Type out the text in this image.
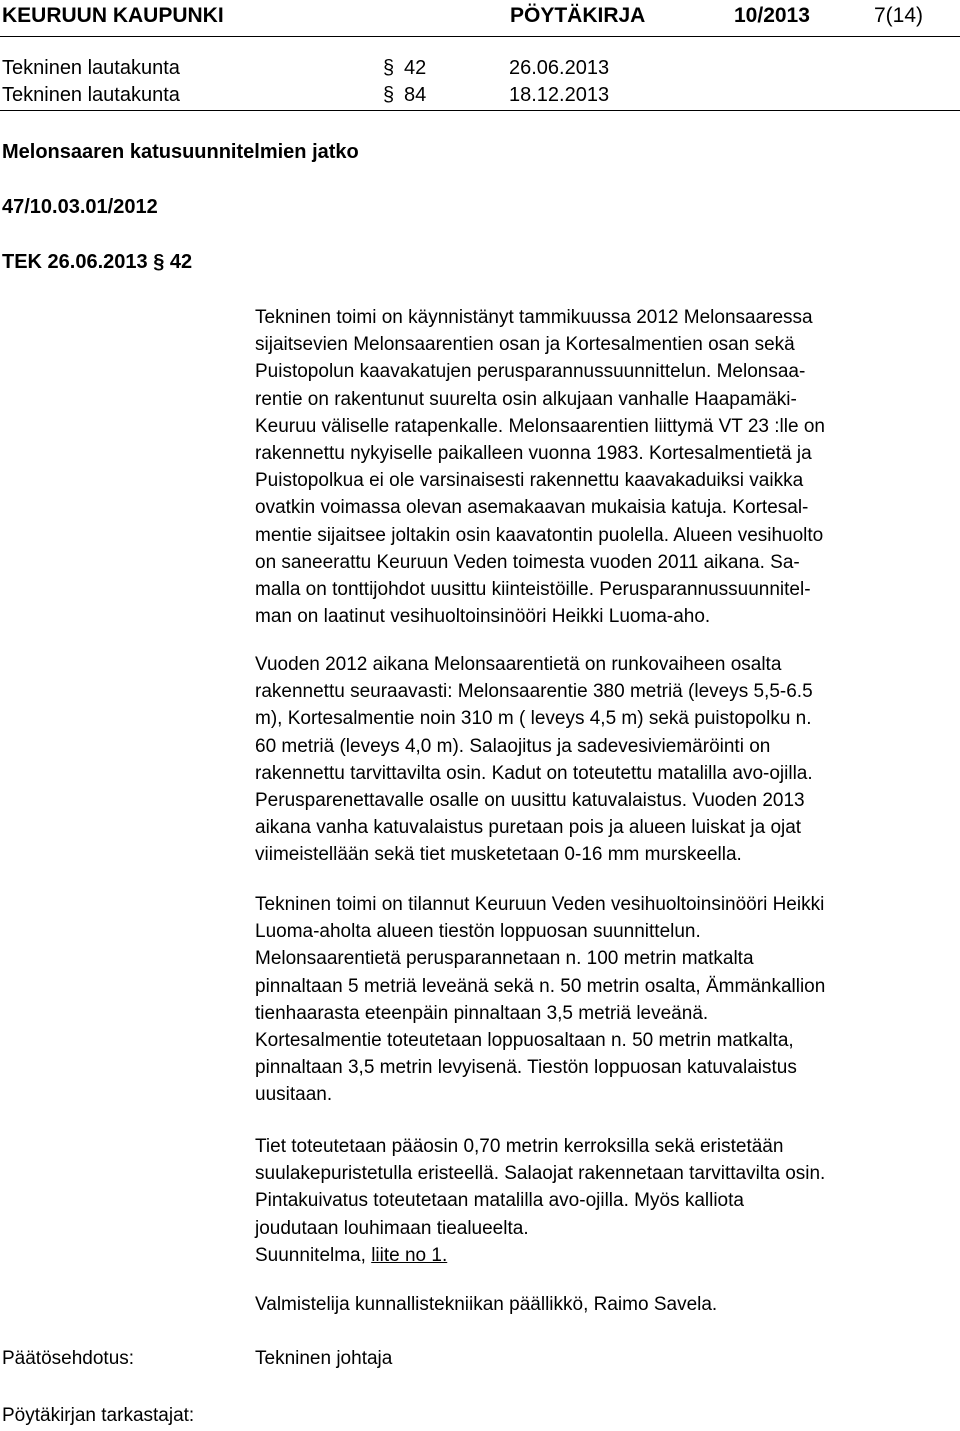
KEURUUN KAUPUNKI	PÖYTÄKIRJA	10/2013	7(14)
Tekninen lautakunta	§ 42	26.06.2013
Tekninen lautakunta	§ 84	18.12.2013
Melonsaaren katusuunnitelmien jatko
47/10.03.01/2012
TEK 26.06.2013 § 42
Tekninen toimi on käynnistänyt tammikuussa 2012 Melonsaaressa
sijaitsevien Melonsaarentien osan ja Kortesalmentien osan sekä
Puistopolun kaavakatujen perusparannussuunnittelun. Melonsaa-
rentie on rakentunut suurelta osin alkujaan vanhalle Haapamäki-
Keuruu väliselle ratapenkalle. Melonsaarentien liittymä VT 23 :lle on
rakennettu nykyiselle paikalleen vuonna 1983. Kortesalmentietä ja
Puistopolkua ei ole varsinaisesti rakennettu kaavakaduiksi vaikka
ovatkin voimassa olevan asemakaavan mukaisia katuja. Kortesal-
mentie sijaitsee joltakin osin kaavatontin puolella. Alueen vesihuolto
on saneerattu Keuruun Veden toimesta vuoden 2011 aikana. Sa-
malla on tonttijohdot uusittu kiinteistöille. Perusparannussuunnitel-
man on laatinut vesihuoltoinsinööri Heikki Luoma-aho.
Vuoden 2012 aikana Melonsaarentietä on runkovaiheen osalta
rakennettu seuraavasti: Melonsaarentie 380 metriä (leveys 5,5-6.5
m), Kortesalmentie noin 310 m ( leveys 4,5 m) sekä puistopolku n.
60 metriä (leveys 4,0 m). Salaojitus ja sadevesiviemäröinti on
rakennettu tarvittavilta osin. Kadut on toteutettu matalilla avo-ojilla.
Perusparenettavalle osalle on uusittu katuvalaistus. Vuoden 2013
aikana vanha katuvalaistus puretaan pois ja alueen luiskat ja ojat
viimeistellään sekä tiet musketetaan 0-16 mm murskeella.
Tekninen toimi on tilannut Keuruun Veden vesihuoltoinsinööri Heikki
Luoma-aholta alueen tiestön loppuosan suunnittelun.
Melonsaarentietä perusparannetaan n. 100 metrin matkalta
pinnaltaan 5 metriä leveänä sekä n. 50 metrin osalta, Ämmänkallion
tienhaarasta eteenpäin pinnaltaan 3,5 metriä leveänä.
Kortesalmentie toteutetaan loppuosaltaan n. 50 metrin matkalta,
pinnaltaan 3,5 metrin levyisenä. Tiestön loppuosan katuvalaistus
uusitaan.
Tiet toteutetaan pääosin 0,70 metrin kerroksilla sekä eristetään
suulakepuristetulla eristeellä. Salaojat rakennetaan tarvittavilta osin.
Pintakuivatus toteutetaan matalilla avo-ojilla. Myös kalliota
joudutaan louhimaan tiealueelta.
Suunnitelma, liite no 1.
Valmistelija kunnallistekniikan päällikkö, Raimo Savela.
Päätösehdotus:	Tekninen johtaja
Pöytäkirjan tarkastajat:
